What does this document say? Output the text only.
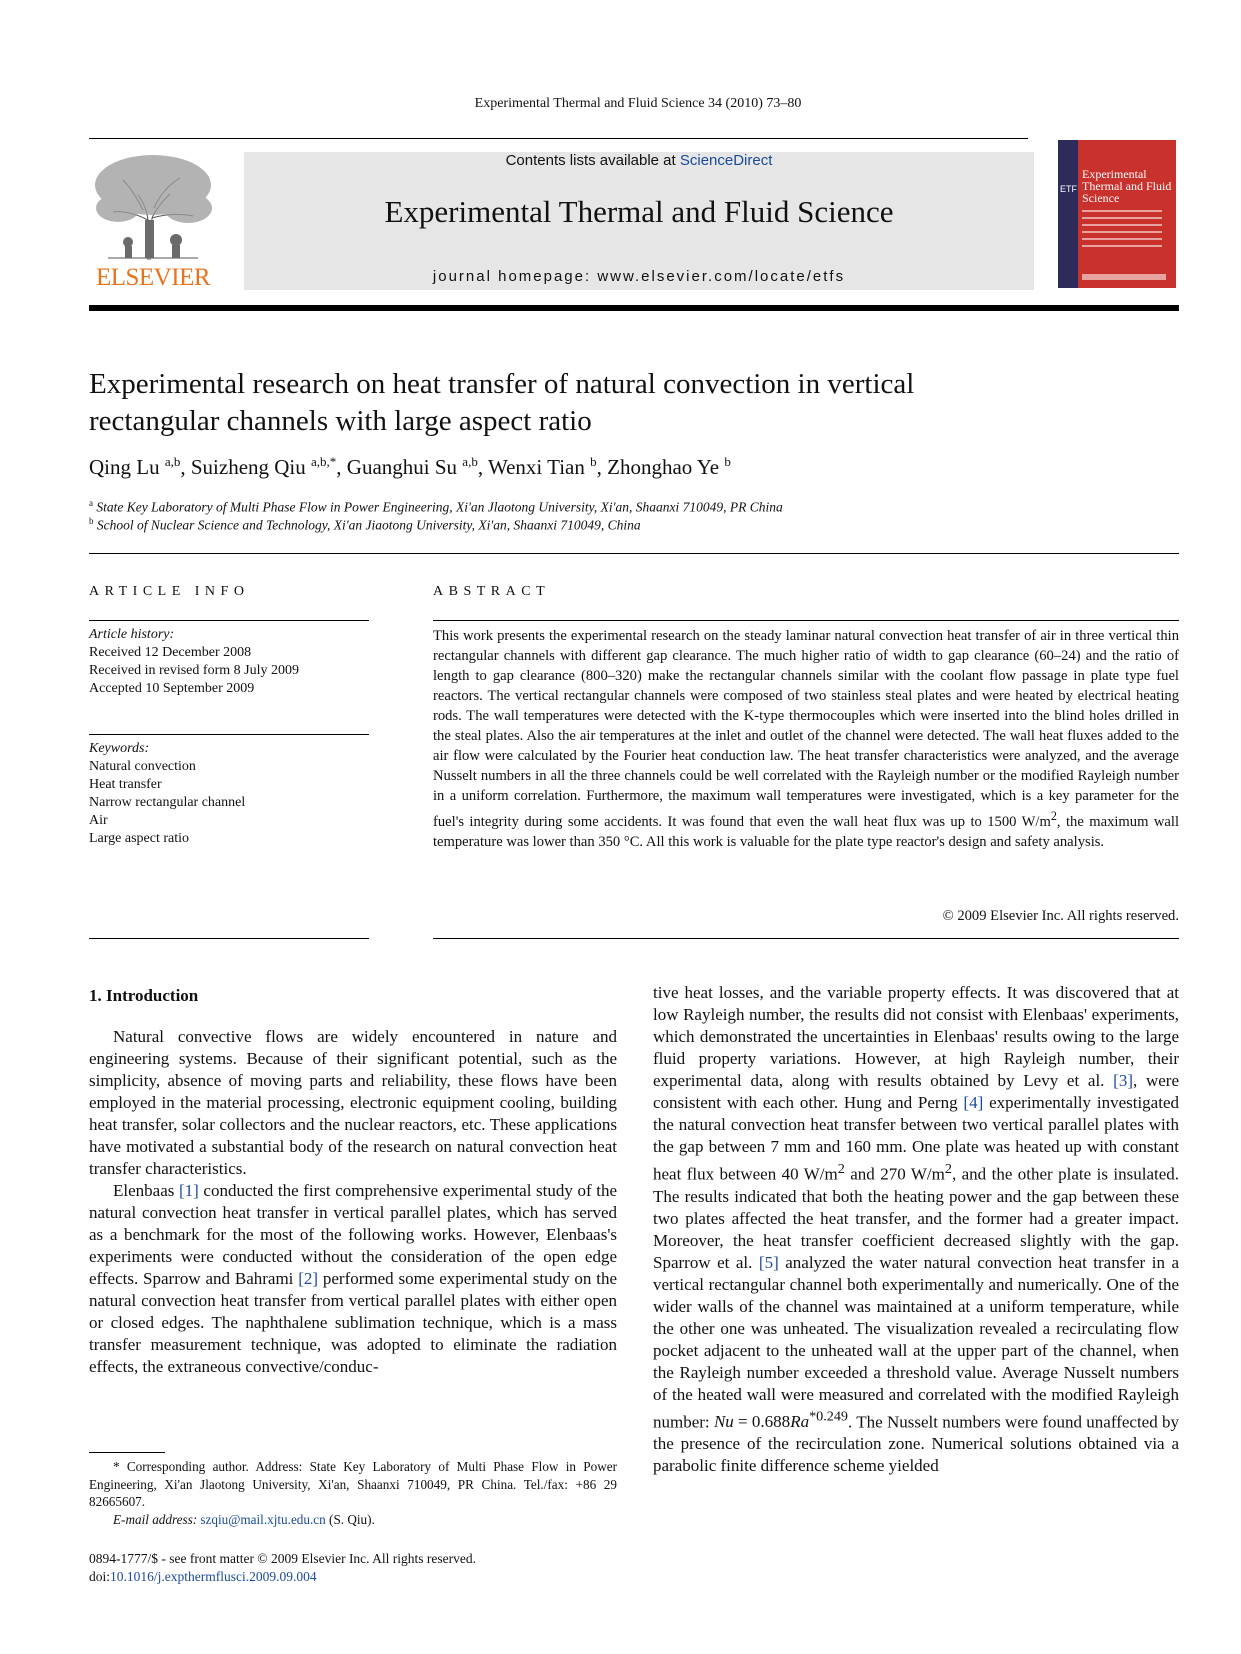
Experimental Thermal and Fluid Science 34 (2010) 73–80
ELSEVIER
Contents lists available at ScienceDirect
Experimental Thermal and Fluid Science
journal homepage: www.elsevier.com/locate/etfs
ETF
Experimental Thermal and Fluid Science
Experimental research on heat transfer of natural convection in vertical
rectangular channels with large aspect ratio
Qing Lu $^{a,b}$, Suizheng Qiu $^{a,b,*}$, Guanghui Su $^{a,b}$, Wenxi Tian $^b$, Zhonghao Ye $^b$
$^a$ State Key Laboratory of Multi Phase Flow in Power Engineering, Xi'an Jlaotong University, Xi'an, Shaanxi 710049, PR China
$^b$ School of Nuclear Science and Technology, Xi'an Jiaotong University, Xi'an, Shaanxi 710049, China
ARTICLE INFO
Article history:
Received 12 December 2008
Received in revised form 8 July 2009
Accepted 10 September 2009
Keywords:
Natural convection
Heat transfer
Narrow rectangular channel
Air
Large aspect ratio
ABSTRACT
This work presents the experimental research on the steady laminar natural convection heat transfer of air in three vertical thin rectangular channels with different gap clearance. The much higher ratio of width to gap clearance (60–24) and the ratio of length to gap clearance (800–320) make the rectangular channels similar with the coolant flow passage in plate type fuel reactors. The vertical rectangular channels were composed of two stainless steal plates and were heated by electrical heating rods. The wall temperatures were detected with the K-type thermocouples which were inserted into the blind holes drilled in the steal plates. Also the air temperatures at the inlet and outlet of the channel were detected. The wall heat fluxes added to the air flow were calculated by the Fourier heat conduction law. The heat transfer characteristics were analyzed, and the average Nusselt numbers in all the three channels could be well correlated with the Rayleigh number or the modified Rayleigh number in a uniform correlation. Furthermore, the maximum wall temperatures were investigated, which is a key parameter for the fuel's integrity during some accidents. It was found that even the wall heat flux was up to 1500 $W/m^2$, the maximum wall temperature was lower than 350 °C. All this work is valuable for the plate type reactor's design and safety analysis.
© 2009 Elsevier Inc. All rights reserved.
1. Introduction

Natural convective flows are widely encountered in nature and engineering systems. Because of their significant potential, such as the simplicity, absence of moving parts and reliability, these flows have been employed in the material processing, electronic equipment cooling, building heat transfer, solar collectors and the nuclear reactors, etc. These applications have motivated a substantial body of the research on natural convection heat transfer characteristics.

Elenbaas [1] conducted the first comprehensive experimental study of the natural convection heat transfer in vertical parallel plates, which has served as a benchmark for the most of the following works. However, Elenbaas's experiments were conducted without the consideration of the open edge effects. Sparrow and Bahrami [2] performed some experimental study on the natural convection heat transfer from vertical parallel plates with either open or closed edges. The naphthalene sublimation technique, which is a mass transfer measurement technique, was adopted to eliminate the radiation effects, the extraneous convective/conduc-

tive heat losses, and the variable property effects. It was discovered that at low Rayleigh number, the results did not consist with Elenbaas' experiments, which demonstrated the uncertainties in Elenbaas' results owing to the large fluid property variations. However, at high Rayleigh number, their experimental data, along with results obtained by Levy et al. [3], were consistent with each other. Hung and Perng [4] experimentally investigated the natural convection heat transfer between two vertical parallel plates with the gap between 7 mm and 160 mm. One plate was heated up with constant heat flux between 40 $W/m^2$ and 270 $W/m^2$, and the other plate is insulated. The results indicated that both the heating power and the gap between these two plates affected the heat transfer, and the former had a greater impact. Moreover, the heat transfer coefficient decreased slightly with the gap. Sparrow et al. [5] analyzed the water natural convection heat transfer in a vertical rectangular channel both experimentally and numerically. One of the wider walls of the channel was maintained at a uniform temperature, while the other one was unheated. The visualization revealed a recirculating flow pocket adjacent to the unheated wall at the upper part of the channel, when the Rayleigh number exceeded a threshold value. Average Nusselt numbers of the heated wall were measured and correlated with the modified Rayleigh number: $Nu = 0.688Ra^{*0.249}$. The Nusselt numbers were found unaffected by the presence of the recirculation zone. Numerical solutions obtained via a parabolic finite difference scheme yielded

* Corresponding author. Address: State Key Laboratory of Multi Phase Flow in Power Engineering, Xi'an Jlaotong University, Xi'an, Shaanxi 710049, PR China. Tel./fax: +86 29 82665607.
E-mail address: szqiu@mail.xjtu.edu.cn (S. Qiu).
0894-1777/$ - see front matter © 2009 Elsevier Inc. All rights reserved.
doi:10.1016/j.expthermflusci.2009.09.004
